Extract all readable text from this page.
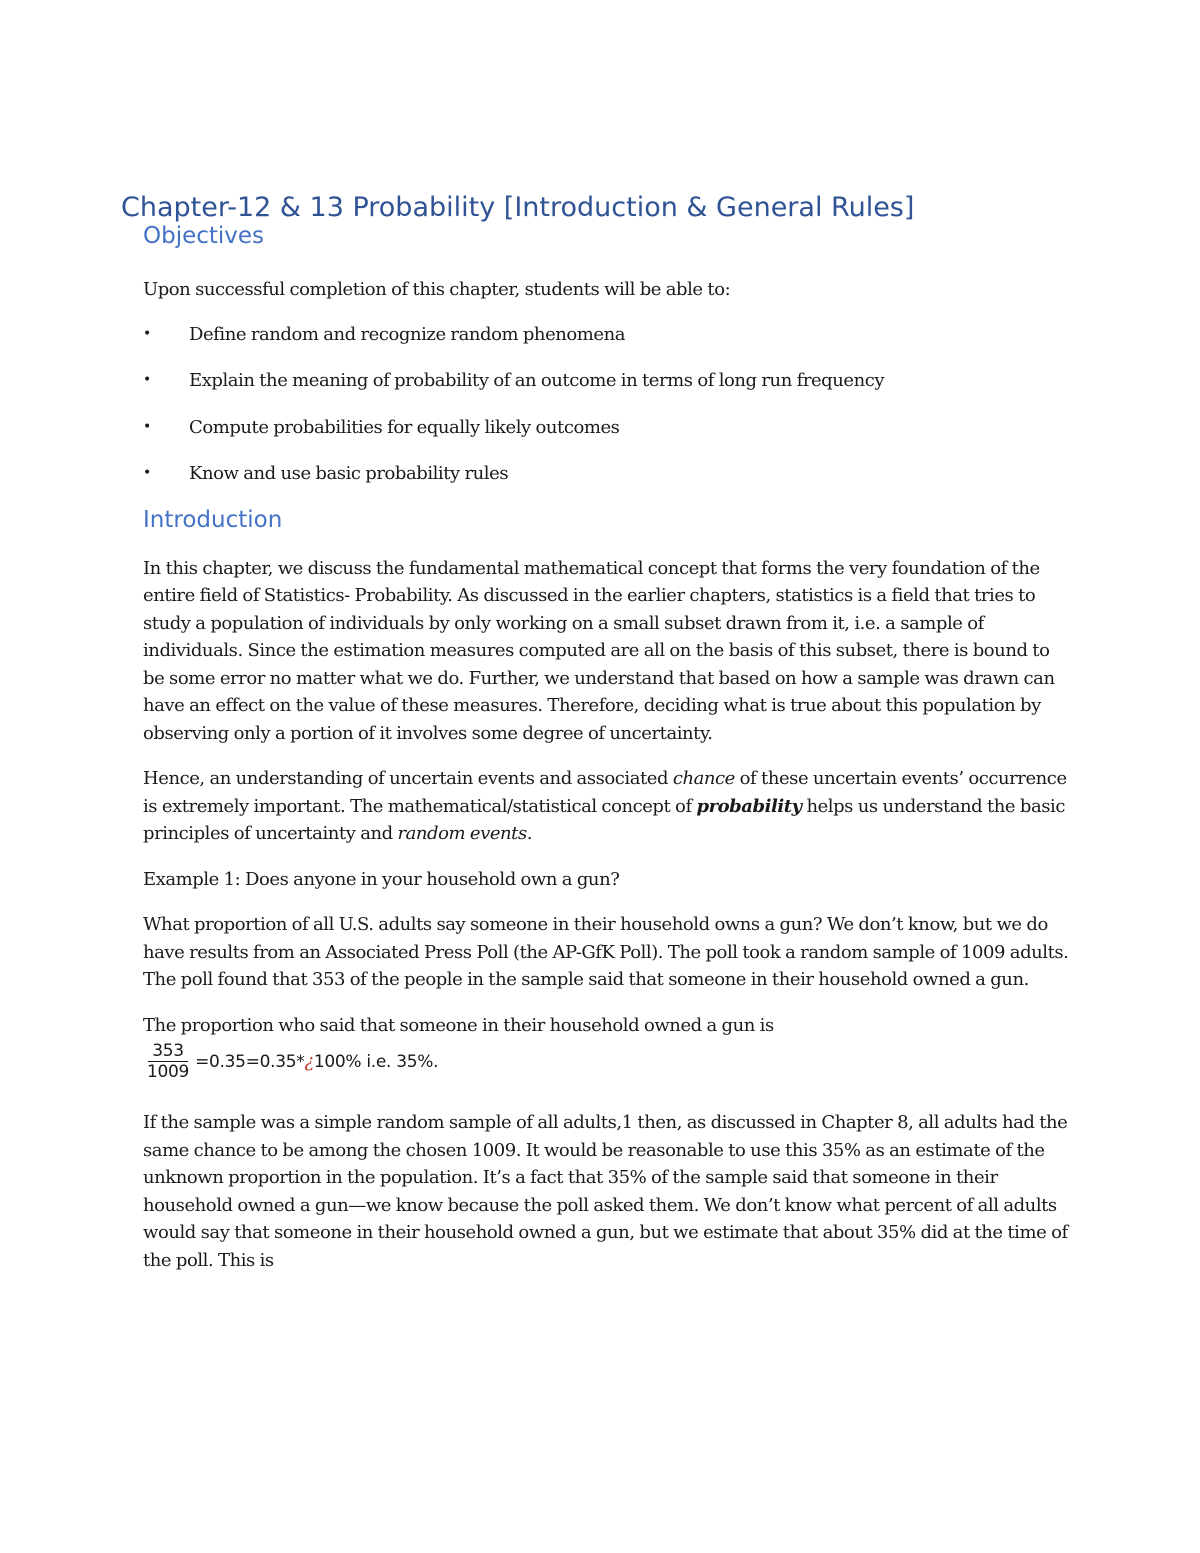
Chapter-12 & 13 Probability [Introduction & General Rules]
Objectives

Upon successful completion of this chapter, students will be able to:

• Define random and recognize random phenomena
• Explain the meaning of probability of an outcome in terms of long run frequency
• Compute probabilities for equally likely outcomes
• Know and use basic probability rules
Introduction

In this chapter, we discuss the fundamental mathematical concept that forms the very foundation of the entire field of Statistics- Probability. As discussed in the earlier chapters, statistics is a field that tries to study a population of individuals by only working on a small subset drawn from it, i.e. a sample of individuals. Since the estimation measures computed are all on the basis of this subset, there is bound to be some error no matter what we do. Further, we understand that based on how a sample was drawn can have an effect on the value of these measures. Therefore, deciding what is true about this population by observing only a portion of it involves some degree of uncertainty.

Hence, an understanding of uncertain events and associated chance of these uncertain events’ occurrence is extremely important. The mathematical/statistical concept of probability helps us understand the basic principles of uncertainty and random events.

Example 1: Does anyone in your household own a gun?

What proportion of all U.S. adults say someone in their household owns a gun? We don’t know, but we do have results from an Associated Press Poll (the AP-GfK Poll). The poll took a random sample of 1009 adults. The poll found that 353 of the people in the sample said that someone in their household owned a gun.

The proportion who said that someone in their household owned a gun is

$\frac{353}{1009} =0.35=0.35*$ ¿ 100% i.e. 35%.

If the sample was a simple random sample of all adults,1 then, as discussed in Chapter 8, all adults had the same chance to be among the chosen 1009. It would be reasonable to use this 35% as an estimate of the unknown proportion in the population. It’s a fact that 35% of the sample said that someone in their household owned a gun—we know because the poll asked them. We don’t know what percent of all adults would say that someone in their household owned a gun, but we estimate that about 35% did at the time of the poll. This is
